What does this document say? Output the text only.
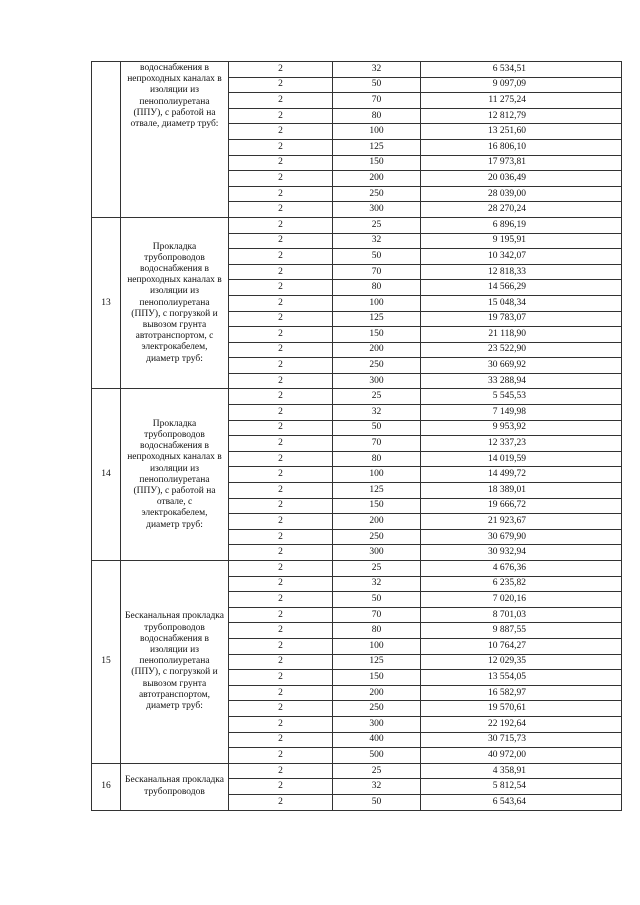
	водоснабжения в непроходных каналах в изоляции из пенополиуретана (ППУ), с работой на отвале, диаметр труб:	2	32	6 534,51
		2	50	9 097,09
		2	70	11 275,24
		2	80	12 812,79
		2	100	13 251,60
		2	125	16 806,10
		2	150	17 973,81
		2	200	20 036,49
		2	250	28 039,00
		2	300	28 270,24
13	Прокладка трубопроводов водоснабжения в непроходных каналах в изоляции из пенополиуретана (ППУ), с погрузкой и вывозом грунта автотранспортом, с электрокабелем, диаметр труб:	2	25	6 896,19
		2	32	9 195,91
		2	50	10 342,07
		2	70	12 818,33
		2	80	14 566,29
		2	100	15 048,34
		2	125	19 783,07
		2	150	21 118,90
		2	200	23 522,90
		2	250	30 669,92
		2	300	33 288,94
14	Прокладка трубопроводов водоснабжения в непроходных каналах в изоляции из пенополиуретана (ППУ), с работой на отвале, с электрокабелем, диаметр труб:	2	25	5 545,53
		2	32	7 149,98
		2	50	9 953,92
		2	70	12 337,23
		2	80	14 019,59
		2	100	14 499,72
		2	125	18 389,01
		2	150	19 666,72
		2	200	21 923,67
		2	250	30 679,90
		2	300	30 932,94
15	Бесканальная прокладка трубопроводов водоснабжения в изоляции из пенополиуретана (ППУ), с погрузкой и вывозом грунта автотранспортом, диаметр труб:	2	25	4 676,36
		2	32	6 235,82
		2	50	7 020,16
		2	70	8 701,03
		2	80	9 887,55
		2	100	10 764,27
		2	125	12 029,35
		2	150	13 554,05
		2	200	16 582,97
		2	250	19 570,61
		2	300	22 192,64
		2	400	30 715,73
		2	500	40 972,00
16	Бесканальная прокладка трубопроводов	2	25	4 358,91
		2	32	5 812,54
		2	50	6 543,64
